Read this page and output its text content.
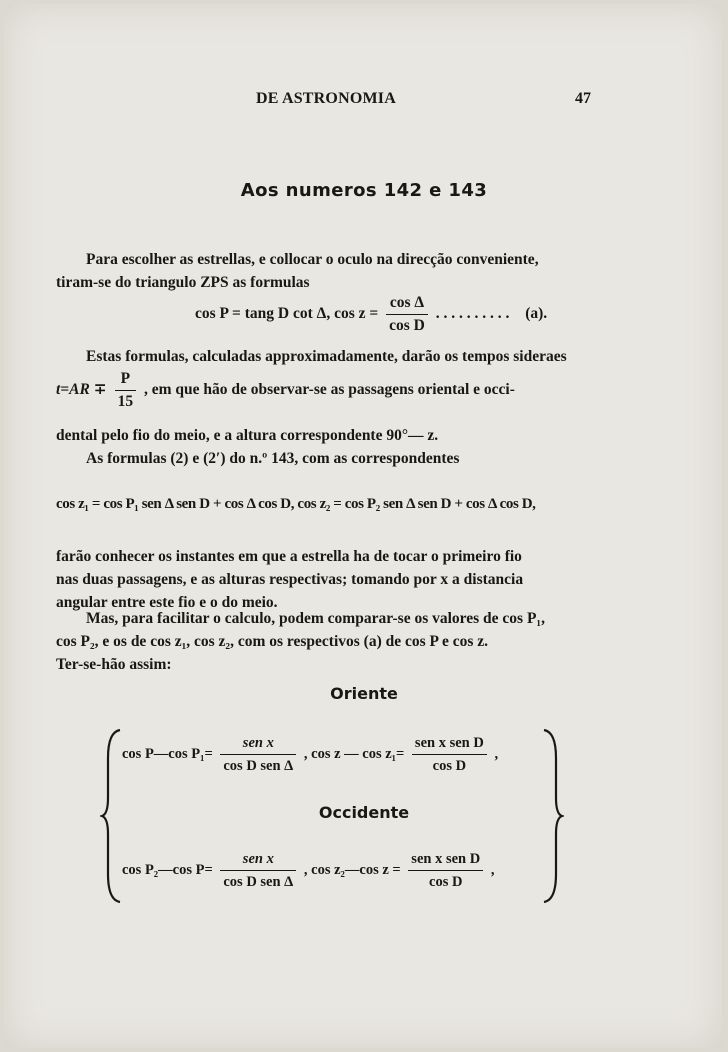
DE ASTRONOMIA	47
Aos numeros 142 e 143
Para escolher as estrellas, e collocar o oculo na direcção conveniente,
tiram-se do triangulo ZPS as formulas
cos P = tang D cot Δ, $\cos z = \frac{\text{cos Δ}}{\text{cos D}}$ . . . . . . . . . . (a).
Estas formulas, calculadas approximadamente, darão os tempos sideraes
$t=AR \mp \frac{P}{15}$ , em que hão de observar-se as passagens oriental e occi-
dental pelo fio do meio, e a altura correspondente 90°— z.
As formulas (2) e (2′) do n.º 143, com as correspondentes
cos z₁ = cos P₁ sen Δ sen D + cos Δ cos D, cos z₂ = cos P₂ sen Δ sen D + cos Δ cos D,
farão conhecer os instantes em que a estrella ha de tocar o primeiro fio
nas duas passagens, e as alturas respectivas; tomando por x a distancia
angular entre este fio e o do meio.
Mas, para facilitar o calculo, podem comparar-se os valores de cos P₁,
cos P₂, e os de cos z₁, cos z₂, com os respectivos (a) de cos P e cos z.
Ter-se-hão assim:
Oriente
cos P—cos $P_1= \frac{\text{sen x}}{\text{cos D sen Δ}}$ , cos z — $\cos z_1= \frac{\text{sen x sen D}}{\text{cos D}}$ ,
Occidente
cos P₂—cos $P= \frac{\text{sen x}}{\text{cos D sen Δ}}$ , cos z₂—cos $z = \frac{\text{sen x sen D}}{\text{cos D}}$ ,
